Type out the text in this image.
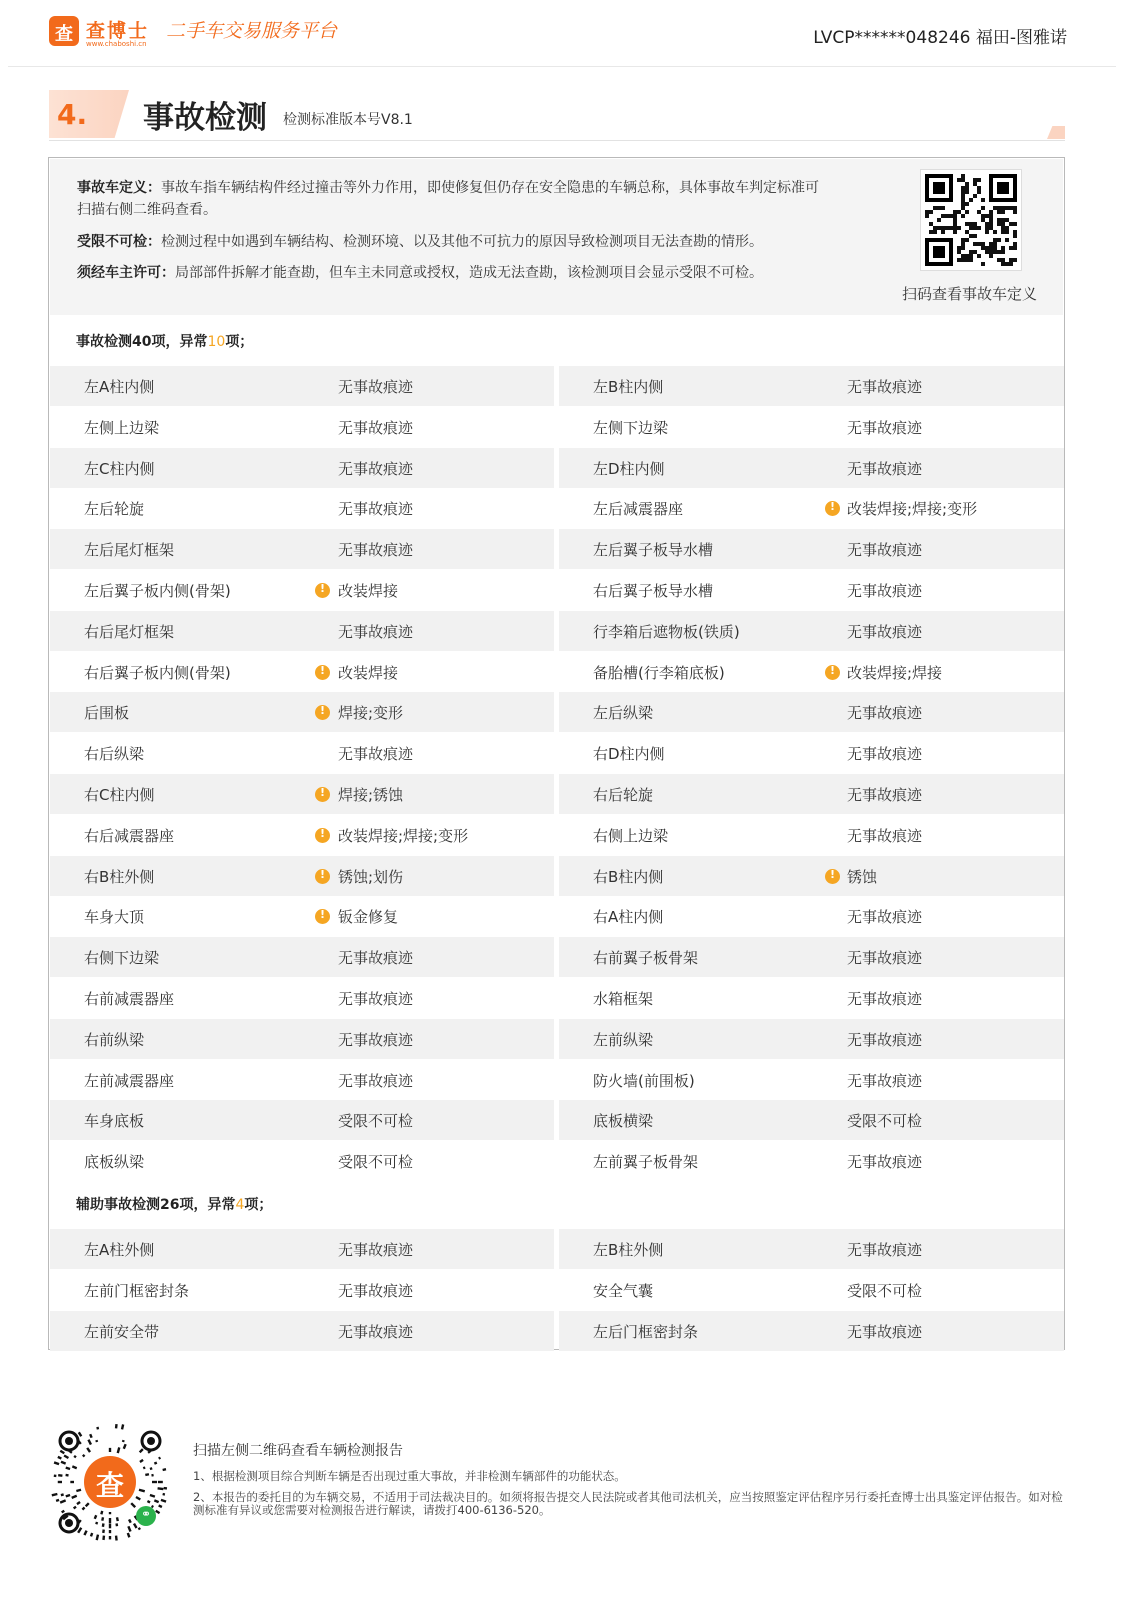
查 查博士
www.chaboshi.cn
二手车交易服务平台	LVCP******048246 福田-图雅诺
4. 事故检测 检测标准版本号V8.1
事故车定义：事故车指车辆结构件经过撞击等外力作用，即使修复但仍存在安全隐患的车辆总称，具体事故车判定标准可
扫描右侧二维码查看。
受限不可检：检测过程中如遇到车辆结构、检测环境、以及其他不可抗力的原因导致检测项目无法查勘的情形。
须经车主许可：局部部件拆解才能查勘，但车主未同意或授权，造成无法查勘，该检测项目会显示受限不可检。
扫码查看事故车定义
事故检测40项，异常10项；
左A柱内侧	无事故痕迹	左B柱内侧	无事故痕迹
左侧上边梁	无事故痕迹	左侧下边梁	无事故痕迹
左C柱内侧	无事故痕迹	左D柱内侧	无事故痕迹
左后轮旋	无事故痕迹	左后减震器座 !	改装焊接;焊接;变形
左后尾灯框架	无事故痕迹	左后翼子板导水槽	无事故痕迹
左后翼子板内侧(骨架) !	改装焊接	右后翼子板导水槽	无事故痕迹
右后尾灯框架	无事故痕迹	行李箱后遮物板(铁质)	无事故痕迹
右后翼子板内侧(骨架) !	改装焊接	备胎槽(行李箱底板) !	改装焊接;焊接
后围板 !	焊接;变形	左后纵梁	无事故痕迹
右后纵梁	无事故痕迹	右D柱内侧	无事故痕迹
右C柱内侧 !	焊接;锈蚀	右后轮旋	无事故痕迹
右后减震器座 !	改装焊接;焊接;变形	右侧上边梁	无事故痕迹
右B柱外侧 !	锈蚀;划伤	右B柱内侧 !	锈蚀
车身大顶 !	钣金修复	右A柱内侧	无事故痕迹
右侧下边梁	无事故痕迹	右前翼子板骨架	无事故痕迹
右前减震器座	无事故痕迹	水箱框架	无事故痕迹
右前纵梁	无事故痕迹	左前纵梁	无事故痕迹
左前减震器座	无事故痕迹	防火墙(前围板)	无事故痕迹
车身底板	受限不可检	底板横梁	受限不可检
底板纵梁	受限不可检	左前翼子板骨架	无事故痕迹
辅助事故检测26项，异常4项；
左A柱外侧	无事故痕迹	左B柱外侧	无事故痕迹
左前门框密封条	无事故痕迹	安全气囊	受限不可检
左前安全带	无事故痕迹	左后门框密封条	无事故痕迹
查
⚭
扫描左侧二维码查看车辆检测报告
1、根据检测项目综合判断车辆是否出现过重大事故，并非检测车辆部件的功能状态。
2、本报告的委托目的为车辆交易，不适用于司法裁决目的。如须将报告提交人民法院或者其他司法机关，应当按照鉴定评估程序另行委托查博士出具鉴定评估报告。如对检测标准有异议或您需要对检测报告进行解读，请拨打400-6136-520。
